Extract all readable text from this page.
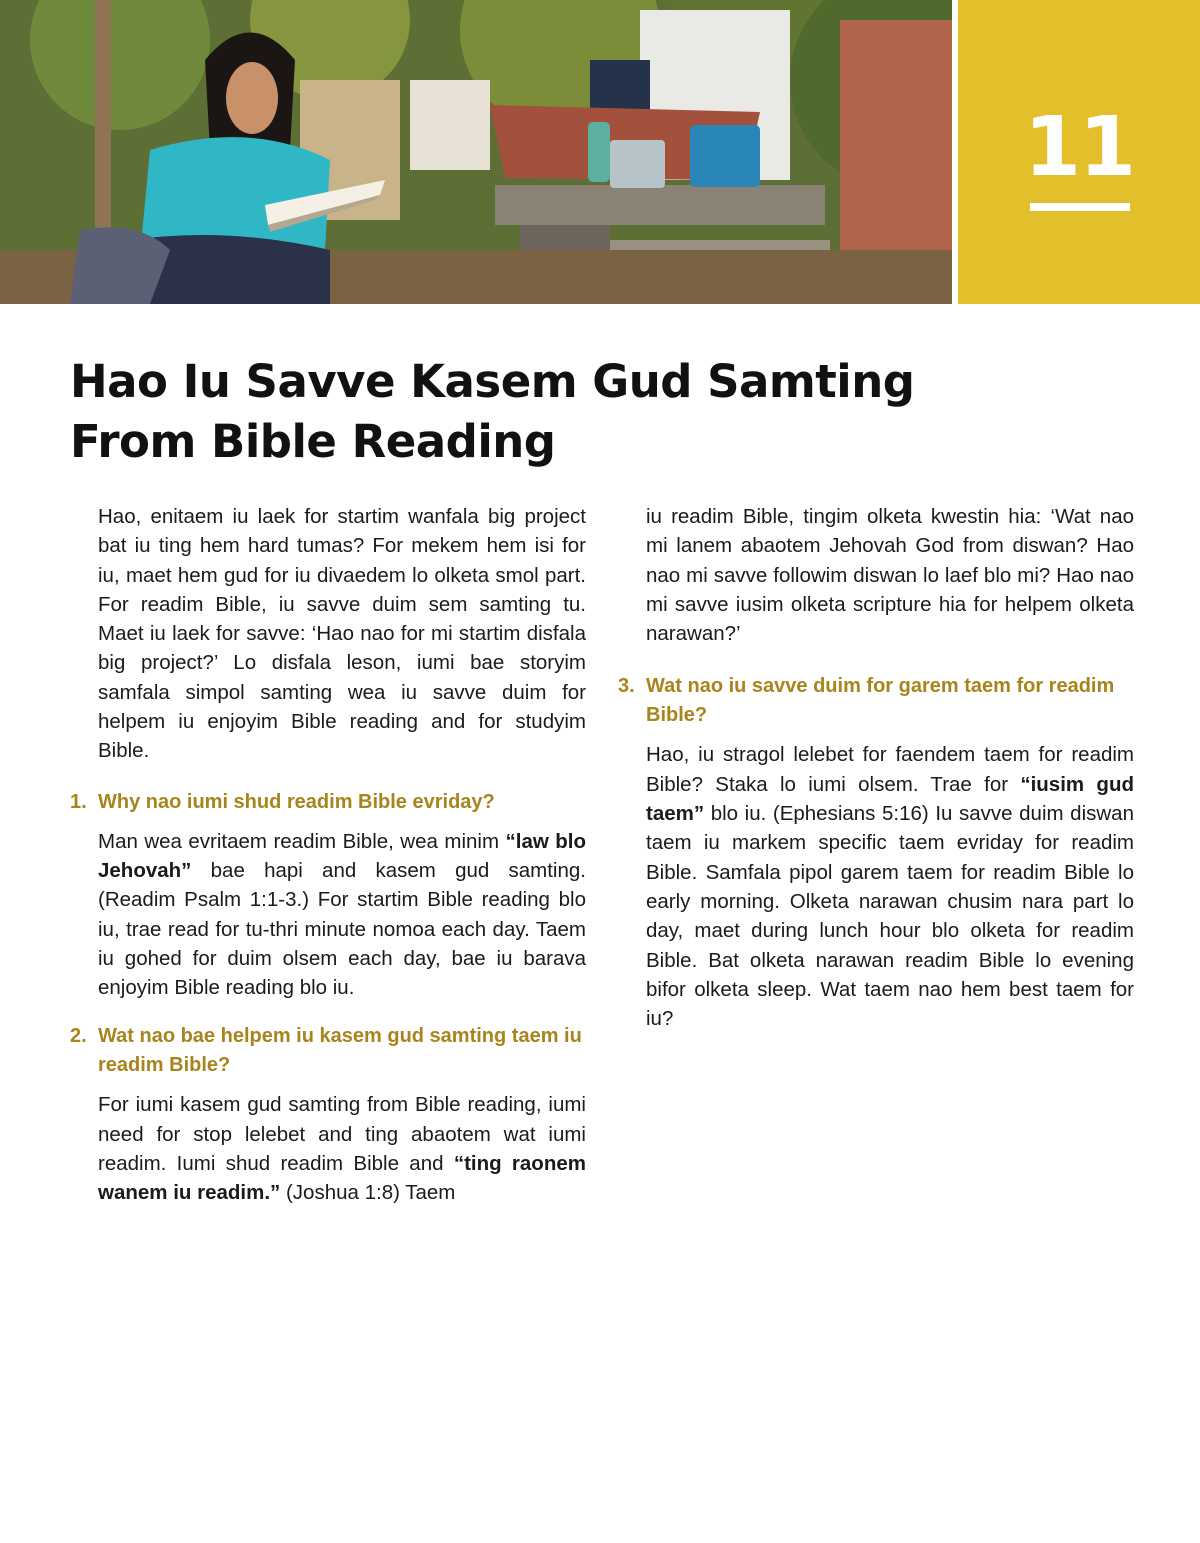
11
Hao Iu Savve Kasem Gud Samting
From Bible Reading

Hao, enitaem iu laek for startim wanfala big project bat iu ting hem hard tumas? For mekem hem isi for iu, maet hem gud for iu divaedem lo olketa smol part. For readim Bible, iu savve duim sem samting tu. Maet iu laek for savve: ‘Hao nao for mi startim disfala big project?’ Lo disfala leson, iumi bae storyim samfala simpol samting wea iu savve duim for helpem iu enjoyim Bible reading and for studyim Bible.

1. Why nao iumi shud readim Bible evriday?

Man wea evritaem readim Bible, wea minim “law blo Jehovah” bae hapi and kasem gud samting. (Readim Psalm 1:1-3.) For startim Bible reading blo iu, trae read for tu-thri minute nomoa each day. Taem iu gohed for duim olsem each day, bae iu barava enjoyim Bible reading blo iu.

2. Wat nao bae helpem iu kasem gud samting taem iu readim Bible?

For iumi kasem gud samting from Bible reading, iumi need for stop lelebet and ting abaotem wat iumi readim. Iumi shud readim Bible and “ting raonem wanem iu readim.” (Joshua 1:8) Taem

iu readim Bible, tingim olketa kwestin hia: ‘Wat nao mi lanem abaotem Jehovah God from diswan? Hao nao mi savve followim diswan lo laef blo mi? Hao nao mi savve iusim olketa scripture hia for helpem olketa narawan?’

3. Wat nao iu savve duim for garem taem for readim Bible?

Hao, iu stragol lelebet for faendem taem for readim Bible? Staka lo iumi olsem. Trae for “iusim gud taem” blo iu. (Ephesians 5:16) Iu savve duim diswan taem iu markem specific taem evriday for readim Bible. Samfala pipol garem taem for readim Bible lo early morning. Olketa narawan chusim nara part lo day, maet during lunch hour blo olketa for readim Bible. Bat olketa narawan readim Bible lo evening bifor olketa sleep. Wat taem nao hem best taem for iu?
